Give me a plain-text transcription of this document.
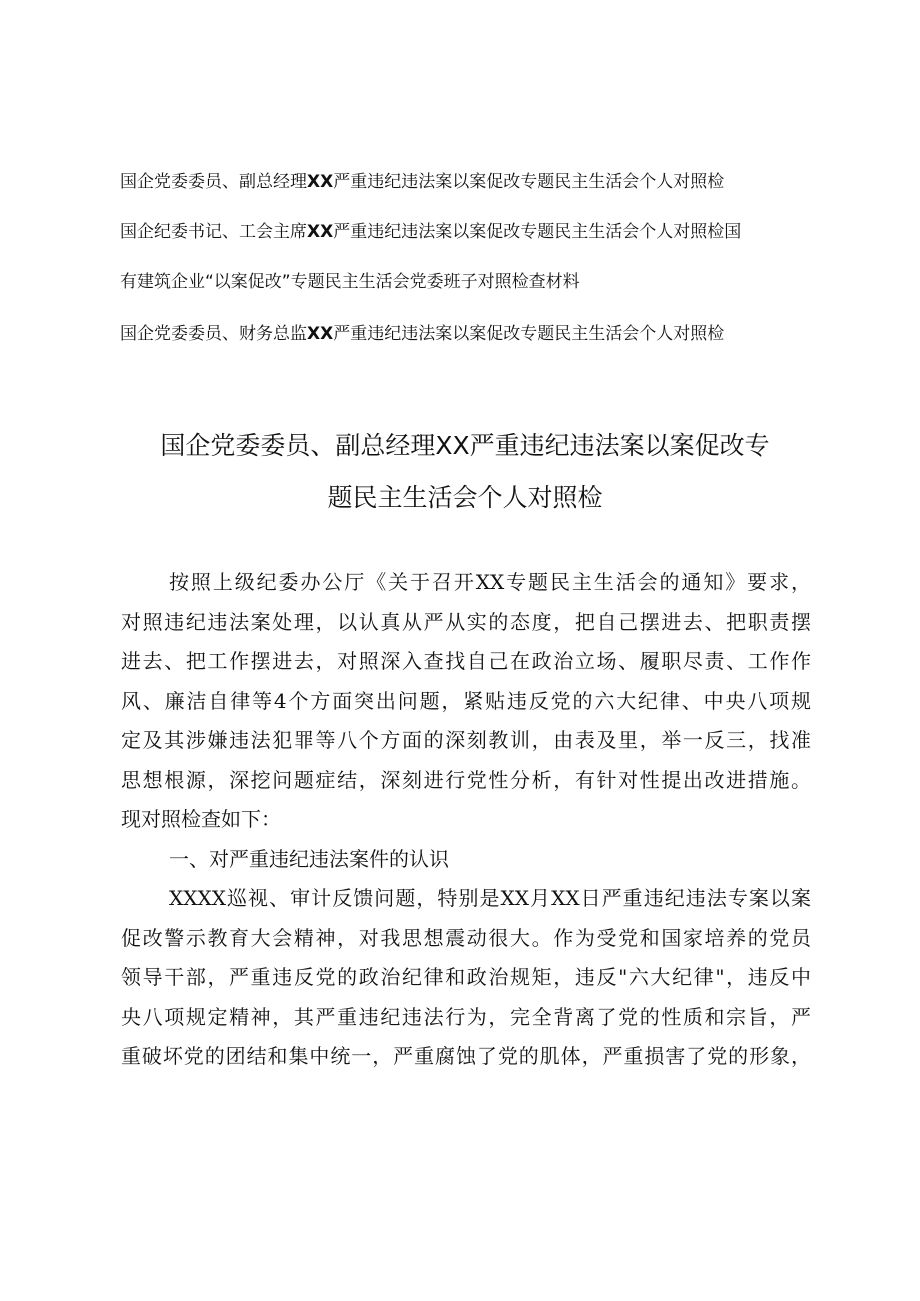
国企党委委员、副总经理XX严重违纪违法案以案促改专题民主生活会个人对照检
国企纪委书记、工会主席XX严重违纪违法案以案促改专题民主生活会个人对照检国
有建筑企业“以案促改”专题民主生活会党委班子对照检查材料
国企党委委员、财务总监XX严重违纪违法案以案促改专题民主生活会个人对照检
国企党委委员、副总经理XX严重违纪违法案以案促改专
题民主生活会个人对照检
按照上级纪委办公厅《关于召开XX专题民主生活会的通知》要求，
对照违纪违法案处理，以认真从严从实的态度，把自己摆进去、把职责摆
进去、把工作摆进去，对照深入查找自己在政治立场、履职尽责、工作作
风、廉洁自律等4个方面突出问题，紧贴违反党的六大纪律、中央八项规
定及其涉嫌违法犯罪等八个方面的深刻教训，由表及里，举一反三，找准
思想根源，深挖问题症结，深刻进行党性分析，有针对性提出改进措施。
现对照检查如下：
一、对严重违纪违法案件的认识
XXXX巡视、审计反馈问题，特别是XX月XX日严重违纪违法专案以案
促改警示教育大会精神，对我思想震动很大。作为受党和国家培养的党员
领导干部，严重违反党的政治纪律和政治规矩，违反"六大纪律"，违反中
央八项规定精神，其严重违纪违法行为，完全背离了党的性质和宗旨，严
重破坏党的团结和集中统一，严重腐蚀了党的肌体，严重损害了党的形象，
